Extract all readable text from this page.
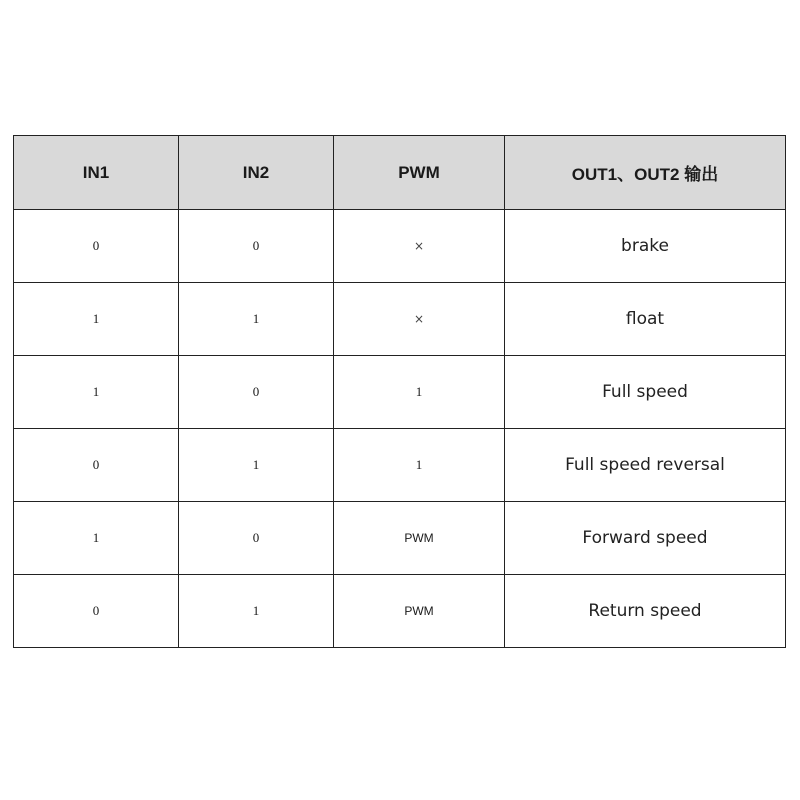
IN1	IN2	PWM	OUT1、OUT2 输出
0	0	×	brake
1	1	×	float
1	0	1	Full speed
0	1	1	Full speed reversal
1	0	PWM	Forward speed
0	1	PWM	Return speed
